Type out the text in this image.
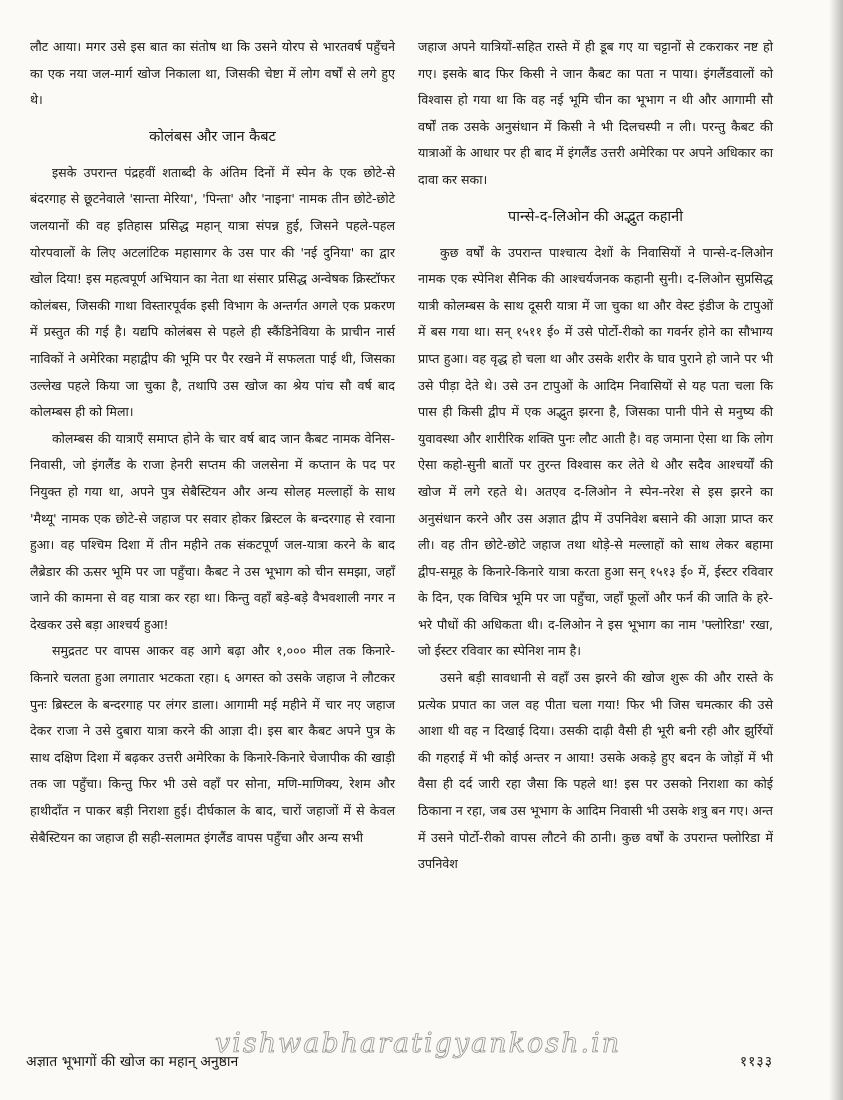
लौट आया। मगर उसे इस बात का संतोष था कि उसने योरप से भारतवर्ष पहुँचने का एक नया जल-मार्ग खोज निकाला था, जिसकी चेष्टा में लोग वर्षों से लगे हुए थे।

कोलंबस और जान कैबट

इसके उपरान्त पंद्रहवीं शताब्दी के अंतिम दिनों में स्पेन के एक छोटे-से बंदरगाह से छूटनेवाले 'सान्ता मेरिया', 'पिन्ता' और 'नाइना' नामक तीन छोटे-छोटे जलयानों की वह इतिहास प्रसिद्ध महान् यात्रा संपन्न हुई, जिसने पहले-पहल योरपवालों के लिए अटलांटिक महासागर के उस पार की 'नई दुनिया' का द्वार खोल दिया! इस महत्वपूर्ण अभियान का नेता था संसार प्रसिद्ध अन्वेषक क्रिस्टॉफर कोलंबस, जिसकी गाथा विस्तारपूर्वक इसी विभाग के अन्तर्गत अगले एक प्रकरण में प्रस्तुत की गई है। यद्यपि कोलंबस से पहले ही स्कैंडिनेविया के प्राचीन नार्स नाविकों ने अमेरिका महाद्वीप की भूमि पर पैर रखने में सफलता पाई थी, जिसका उल्लेख पहले किया जा चुका है, तथापि उस खोज का श्रेय पांच सौ वर्ष बाद कोलम्बस ही को मिला।

कोलम्बस की यात्राएँ समाप्त होने के चार वर्ष बाद जान कैबट नामक वेनिस-निवासी, जो इंगलैंड के राजा हेनरी सप्तम की जलसेना में कप्तान के पद पर नियुक्त हो गया था, अपने पुत्र सेबैस्टियन और अन्य सोलह मल्लाहों के साथ 'मैथ्यू' नामक एक छोटे-से जहाज पर सवार होकर ब्रिस्टल के बन्दरगाह से रवाना हुआ। वह पश्चिम दिशा में तीन महीने तक संकटपूर्ण जल-यात्रा करने के बाद लैब्रेडार की ऊसर भूमि पर जा पहुँचा। कैबट ने उस भूभाग को चीन समझा, जहाँ जाने की कामना से वह यात्रा कर रहा था। किन्तु वहाँ बड़े-बड़े वैभवशाली नगर न देखकर उसे बड़ा आश्चर्य हुआ!

समुद्रतट पर वापस आकर वह आगे बढ़ा और १,००० मील तक किनारे-किनारे चलता हुआ लगातार भटकता रहा। ६ अगस्त को उसके जहाज ने लौटकर पुनः ब्रिस्टल के बन्दरगाह पर लंगर डाला। आगामी मई महीने में चार नए जहाज देकर राजा ने उसे दुबारा यात्रा करने की आज्ञा दी। इस बार कैबट अपने पुत्र के साथ दक्षिण दिशा में बढ़कर उत्तरी अमेरिका के किनारे-किनारे चेजापीक की खाड़ी तक जा पहुँचा। किन्तु फिर भी उसे वहाँ पर सोना, मणि-माणिक्य, रेशम और हाथीदाँत न पाकर बड़ी निराशा हुई। दीर्घकाल के बाद, चारों जहाजों में से केवल सेबैस्टियन का जहाज ही सही-सलामत इंगलैंड वापस पहुँचा और अन्य सभी

जहाज अपने यात्रियों-सहित रास्ते में ही डूब गए या चट्टानों से टकराकर नष्ट हो गए। इसके बाद फिर किसी ने जान कैबट का पता न पाया। इंगलैंडवालों को विश्वास हो गया था कि वह नई भूमि चीन का भूभाग न थी और आगामी सौ वर्षों तक उसके अनुसंधान में किसी ने भी दिलचस्पी न ली। परन्तु कैबट की यात्राओं के आधार पर ही बाद में इंगलैंड उत्तरी अमेरिका पर अपने अधिकार का दावा कर सका।

पान्से-द-लिओन की अद्भुत कहानी

कुछ वर्षों के उपरान्त पाश्चात्य देशों के निवासियों ने पान्से-द-लिओन नामक एक स्पेनिश सैनिक की आश्चर्यजनक कहानी सुनी। द-लिओन सुप्रसिद्ध यात्री कोलम्बस के साथ दूसरी यात्रा में जा चुका था और वेस्ट इंडीज के टापुओं में बस गया था। सन् १५११ ई० में उसे पोर्टो-रीको का गवर्नर होने का सौभाग्य प्राप्त हुआ। वह वृद्ध हो चला था और उसके शरीर के घाव पुराने हो जाने पर भी उसे पीड़ा देते थे। उसे उन टापुओं के आदिम निवासियों से यह पता चला कि पास ही किसी द्वीप में एक अद्भुत झरना है, जिसका पानी पीने से मनुष्य की युवावस्था और शारीरिक शक्ति पुनः लौट आती है। वह जमाना ऐसा था कि लोग ऐसा कहो-सुनी बातों पर तुरन्त विश्वास कर लेते थे और सदैव आश्चर्यों की खोज में लगे रहते थे। अतएव द-लिओन ने स्पेन-नरेश से इस झरने का अनुसंधान करने और उस अज्ञात द्वीप में उपनिवेश बसाने की आज्ञा प्राप्त कर ली। वह तीन छोटे-छोटे जहाज तथा थोड़े-से मल्लाहों को साथ लेकर बहामा द्वीप-समूह के किनारे-किनारे यात्रा करता हुआ सन् १५१३ ई० में, ईस्टर रविवार के दिन, एक विचित्र भूमि पर जा पहुँचा, जहाँ फूलों और फर्न की जाति के हरे-भरे पौधों की अधिकता थी। द-लिओन ने इस भूभाग का नाम 'फ्लोरिडा' रखा, जो ईस्टर रविवार का स्पेनिश नाम है।

उसने बड़ी सावधानी से वहाँ उस झरने की खोज शुरू की और रास्ते के प्रत्येक प्रपात का जल वह पीता चला गया! फिर भी जिस चमत्कार की उसे आशा थी वह न दिखाई दिया। उसकी दाढ़ी वैसी ही भूरी बनी रही और झुर्रियों की गहराई में भी कोई अन्तर न आया! उसके अकड़े हुए बदन के जोड़ों में भी वैसा ही दर्द जारी रहा जैसा कि पहले था! इस पर उसको निराशा का कोई ठिकाना न रहा, जब उस भूभाग के आदिम निवासी भी उसके शत्रु बन गए। अन्त में उसने पोर्टो-रीको वापस लौटने की ठानी। कुछ वर्षों के उपरान्त फ्लोरिडा में उपनिवेश

vishwabharatigyankosh.in
अज्ञात भूभागों की खोज का महान् अनुष्ठान	११३३
